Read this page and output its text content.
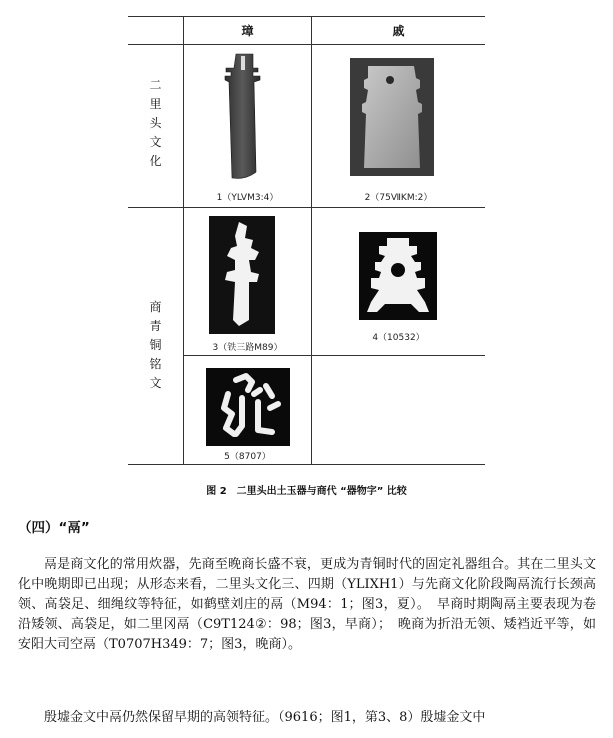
璋	戚
二
里
头
文
化
商
青
铜
铭
文
1（YLVM3:4）	2（75ⅦKM:2）
3（铁三路M89）
4（10532）
5（8707）
图 2　二里头出土玉器与商代 “器物字” 比较
（四）“鬲”
鬲是商文化的常用炊器，先商至晚商长盛不衰，更成为青铜时代的固定礼器组合。其在二里头文化中晚期即已出现；从形态来看，二里头文化三、四期（YLIXH1）与先商文化阶段陶鬲流行长颈高领、高袋足、细绳纹等特征，如鹤壁刘庄的鬲（M94：1；图3，夏）。　早商时期陶鬲主要表现为卷沿矮领、高袋足，如二里冈鬲（C9T124②：98；图3，早商）；　晚商为折沿无领、矮裆近平等，如安阳大司空鬲（T0707H349：7；图3，晚商）。
殷墟金文中鬲仍然保留早期的高领特征。（9616；图1，第3、8）殷墟金文中
